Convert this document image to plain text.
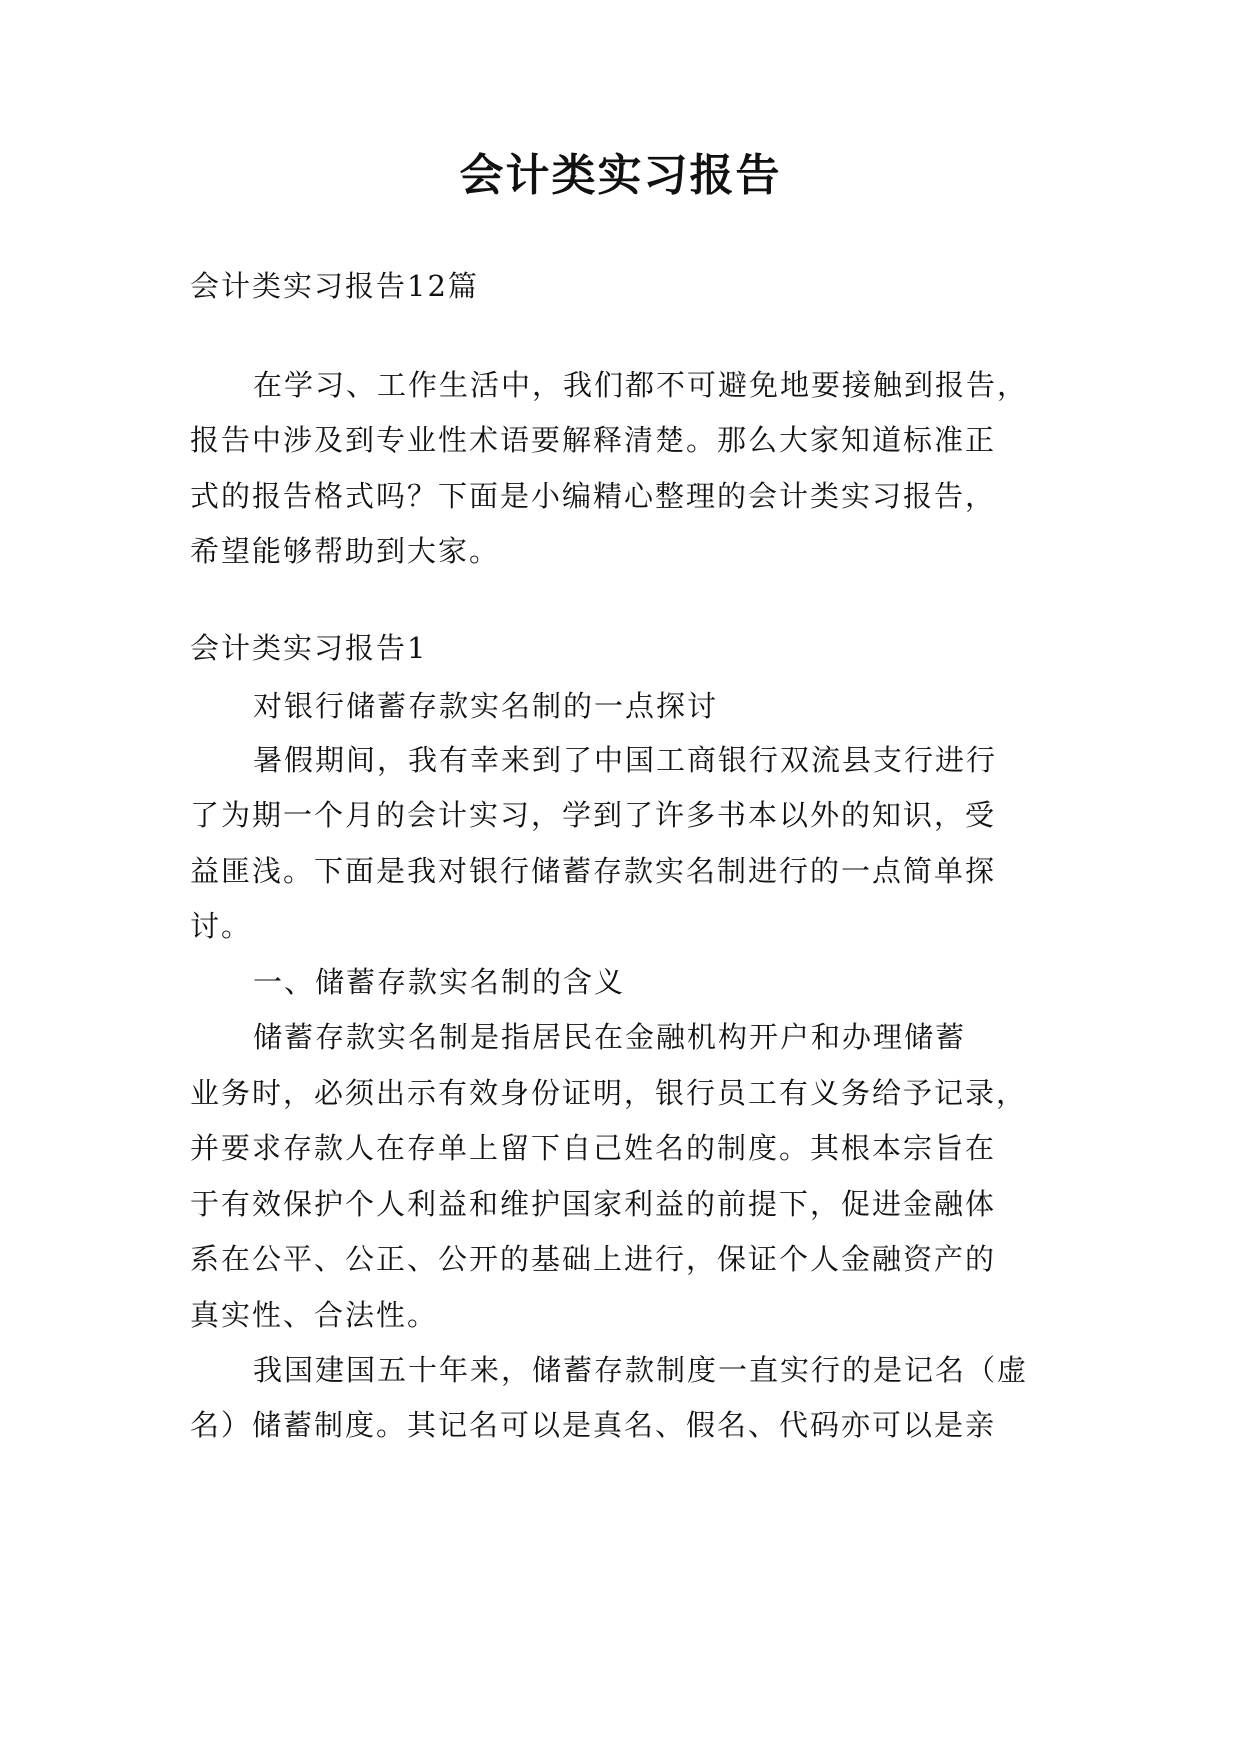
会计类实习报告
会计类实习报告12篇
在学习、工作生活中，我们都不可避免地要接触到报告，
报告中涉及到专业性术语要解释清楚。那么大家知道标准正
式的报告格式吗？下面是小编精心整理的会计类实习报告，
希望能够帮助到大家。
会计类实习报告1
对银行储蓄存款实名制的一点探讨
暑假期间，我有幸来到了中国工商银行双流县支行进行
了为期一个月的会计实习，学到了许多书本以外的知识，受
益匪浅。下面是我对银行储蓄存款实名制进行的一点简单探
讨。
一、储蓄存款实名制的含义
储蓄存款实名制是指居民在金融机构开户和办理储蓄
业务时，必须出示有效身份证明，银行员工有义务给予记录，
并要求存款人在存单上留下自己姓名的制度。其根本宗旨在
于有效保护个人利益和维护国家利益的前提下，促进金融体
系在公平、公正、公开的基础上进行，保证个人金融资产的
真实性、合法性。
我国建国五十年来，储蓄存款制度一直实行的是记名（虚
名）储蓄制度。其记名可以是真名、假名、代码亦可以是亲
